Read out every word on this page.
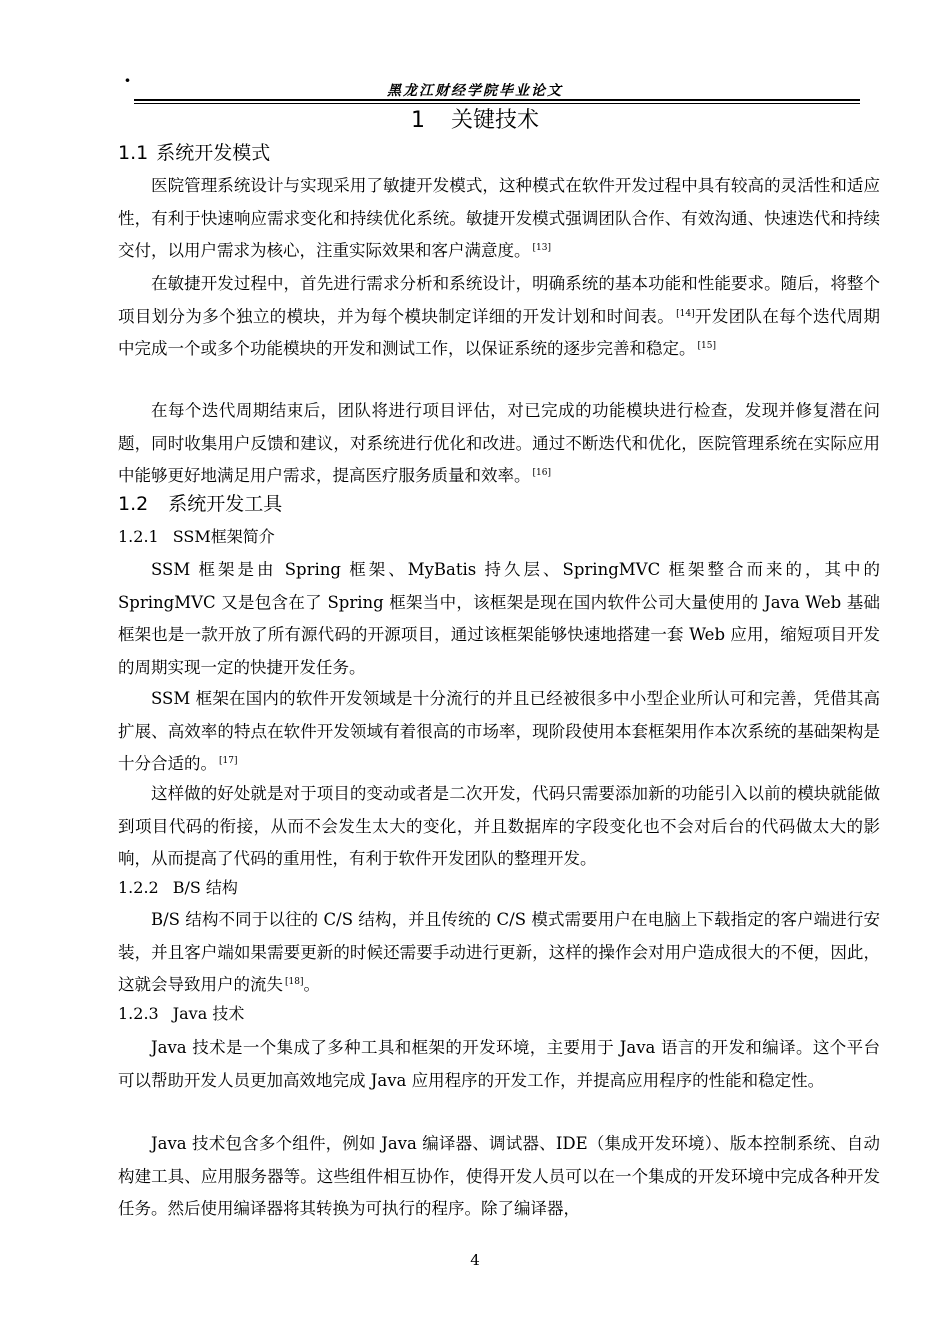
·	黑龙江财经学院毕业论文
1 关键技术
1.1 系统开发模式
医院管理系统设计与实现采用了敏捷开发模式，这种模式在软件开发过程中具有较高的灵活性和适应性，有利于快速响应需求变化和持续优化系统。敏捷开发模式强调团队合作、有效沟通、快速迭代和持续交付，以用户需求为核心，注重实际效果和客户满意度。 [13]
在敏捷开发过程中，首先进行需求分析和系统设计，明确系统的基本功能和性能要求。随后，将整个项目划分为多个独立的模块，并为每个模块制定详细的开发计划和时间表。 [14]开发团队在每个迭代周期中完成一个或多个功能模块的开发和测试工作，以保证系统的逐步完善和稳定。 [15]
在每个迭代周期结束后，团队将进行项目评估，对已完成的功能模块进行检查，发现并修复潜在问题，同时收集用户反馈和建议，对系统进行优化和改进。通过不断迭代和优化，医院管理系统在实际应用中能够更好地满足用户需求，提高医疗服务质量和效率。 [16]
1.2 系统开发工具
1.2.1 SSM框架简介
SSM 框架是由 Spring 框架、MyBatis 持久层、SpringMVC 框架整合而来的，其中的 SpringMVC 又是包含在了 Spring 框架当中，该框架是现在国内软件公司大量使用的 Java Web 基础框架也是一款开放了所有源代码的开源项目，通过该框架能够快速地搭建一套 Web 应用，缩短项目开发的周期实现一定的快捷开发任务。
SSM 框架在国内的软件开发领域是十分流行的并且已经被很多中小型企业所认可和完善，凭借其高扩展、高效率的特点在软件开发领域有着很高的市场率，现阶段使用本套框架用作本次系统的基础架构是十分合适的。 [17]
这样做的好处就是对于项目的变动或者是二次开发，代码只需要添加新的功能引入以前的模块就能做到项目代码的衔接，从而不会发生太大的变化，并且数据库的字段变化也不会对后台的代码做太大的影响，从而提高了代码的重用性，有利于软件开发团队的整理开发。
1.2.2 B/S 结构
B/S 结构不同于以往的 C/S 结构，并且传统的 C/S 模式需要用户在电脑上下载指定的客户端进行安装，并且客户端如果需要更新的时候还需要手动进行更新，这样的操作会对用户造成很大的不便，因此，这就会导致用户的流失 [18]。
1.2.3 Java 技术
Java 技术是一个集成了多种工具和框架的开发环境，主要用于 Java 语言的开发和编译。这个平台可以帮助开发人员更加高效地完成 Java 应用程序的开发工作，并提高应用程序的性能和稳定性。
Java 技术包含多个组件，例如 Java 编译器、调试器、IDE（集成开发环境）、版本控制系统、自动构建工具、应用服务器等。这些组件相互协作，使得开发人员可以在一个集成的开发环境中完成各种开发任务。然后使用编译器将其转换为可执行的程序。除了编译器，
4
